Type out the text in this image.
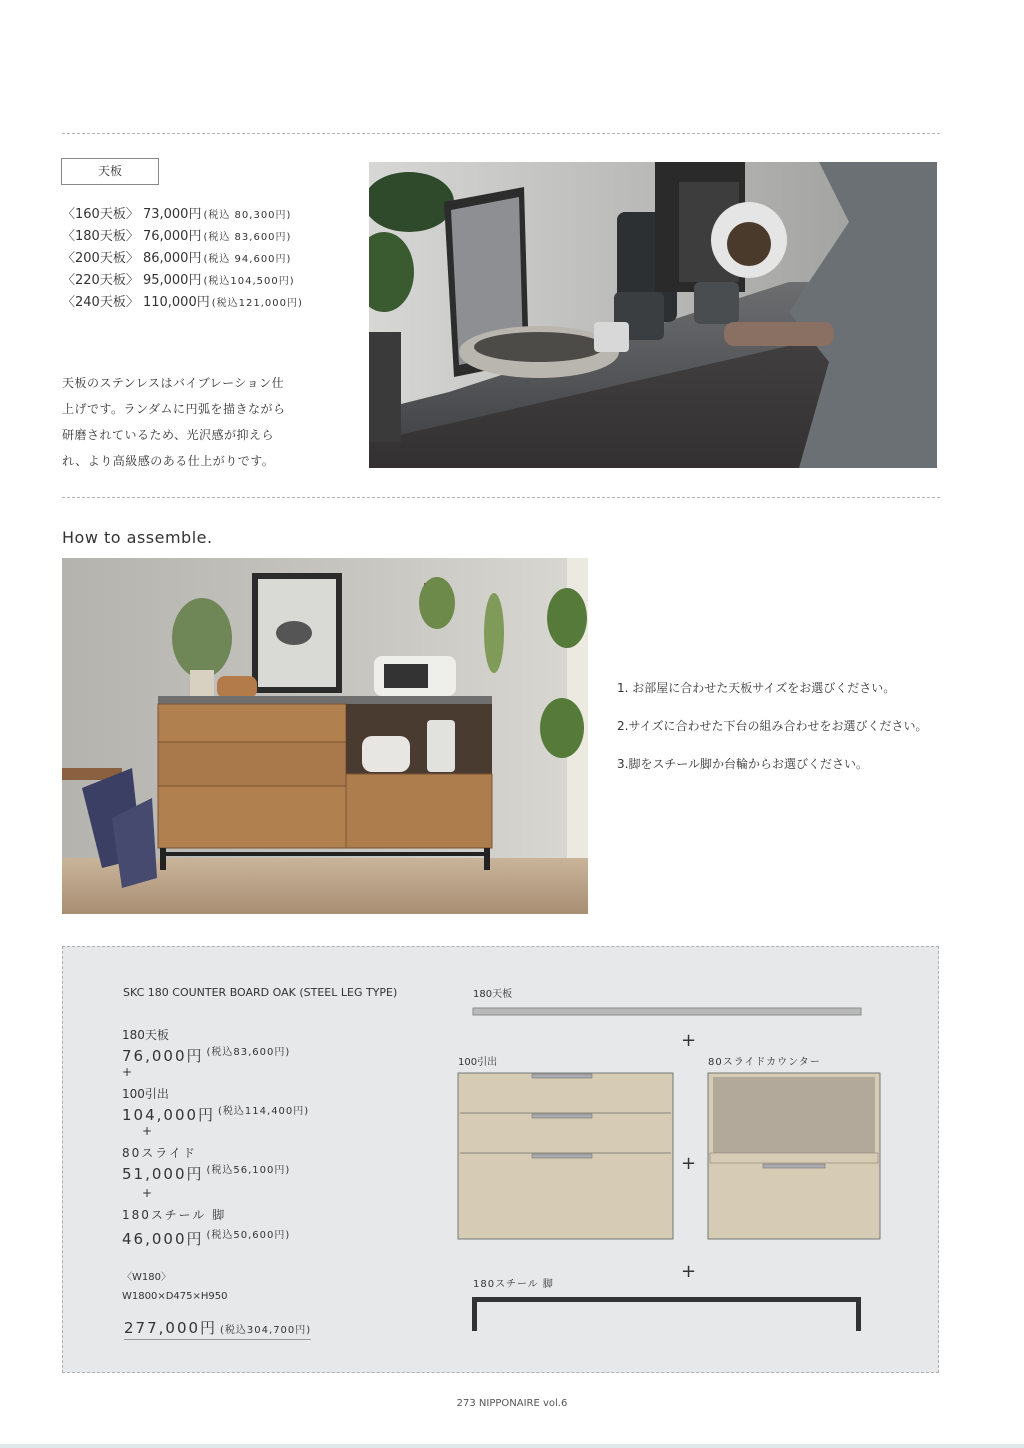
天板
〈160天板〉 73,000円 (税込 80,300円)
〈180天板〉 76,000円 (税込 83,600円)
〈200天板〉 86,000円 (税込 94,600円)
〈220天板〉 95,000円 (税込104,500円)
〈240天板〉 110,000円 (税込121,000円)
天板のステンレスはバイブレーション仕
上げです。ランダムに円弧を描きながら
研磨されているため、光沢感が抑えら
れ、より高級感のある仕上がりです。
How to assemble.
1. お部屋に合わせた天板サイズをお選びください。
2.サイズに合わせた下台の組み合わせをお選びください。
3.脚をスチール脚か台輪からお選びください。
SKC 180 COUNTER BOARD OAK (STEEL LEG TYPE)
180天板
76,000円 $^{(税込83,600円)}$
+
100引出
104,000円 $^{(税込114,400円)}$
+
80スライド
51,000円 $^{(税込56,100円)}$
+
180スチール 脚
46,000円 $^{(税込50,600円)}$
〈W180〉
W1800×D475×H950
277,000円 (税込304,700円)
180天板
100引出	80スライドカウンター
180スチール 脚
+
+
+
273 NIPPONAIRE vol.6
